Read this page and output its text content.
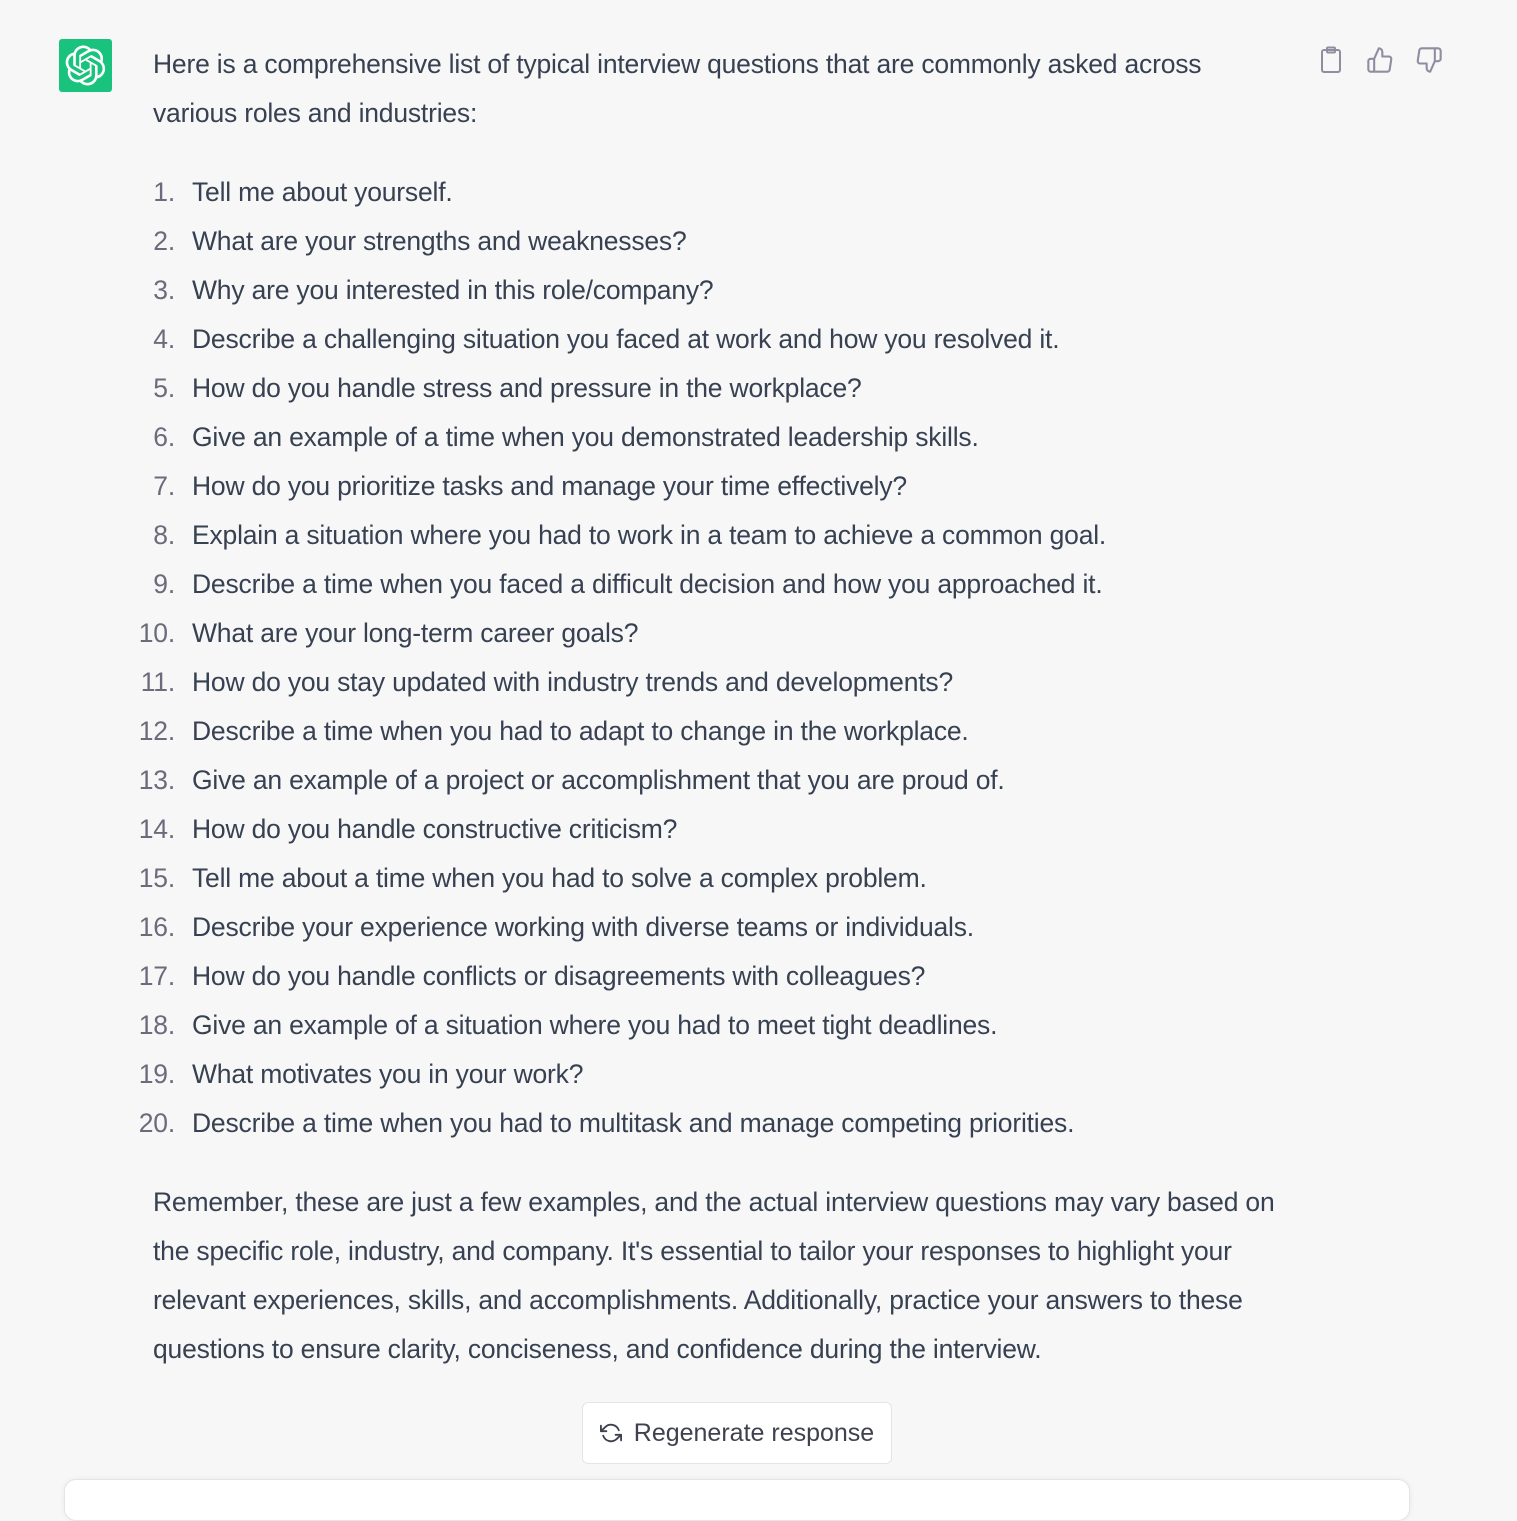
Here is a comprehensive list of typical interview questions that are commonly asked across various roles and industries:

1. Tell me about yourself.
2. What are your strengths and weaknesses?
3. Why are you interested in this role/company?
4. Describe a challenging situation you faced at work and how you resolved it.
5. How do you handle stress and pressure in the workplace?
6. Give an example of a time when you demonstrated leadership skills.
7. How do you prioritize tasks and manage your time effectively?
8. Explain a situation where you had to work in a team to achieve a common goal.
9. Describe a time when you faced a difficult decision and how you approached it.
10. What are your long-term career goals?
11. How do you stay updated with industry trends and developments?
12. Describe a time when you had to adapt to change in the workplace.
13. Give an example of a project or accomplishment that you are proud of.
14. How do you handle constructive criticism?
15. Tell me about a time when you had to solve a complex problem.
16. Describe your experience working with diverse teams or individuals.
17. How do you handle conflicts or disagreements with colleagues?
18. Give an example of a situation where you had to meet tight deadlines.
19. What motivates you in your work?
20. Describe a time when you had to multitask and manage competing priorities.

Remember, these are just a few examples, and the actual interview questions may vary based on the specific role, industry, and company. It's essential to tailor your responses to highlight your relevant experiences, skills, and accomplishments. Additionally, practice your answers to these questions to ensure clarity, conciseness, and confidence during the interview.

Regenerate response
